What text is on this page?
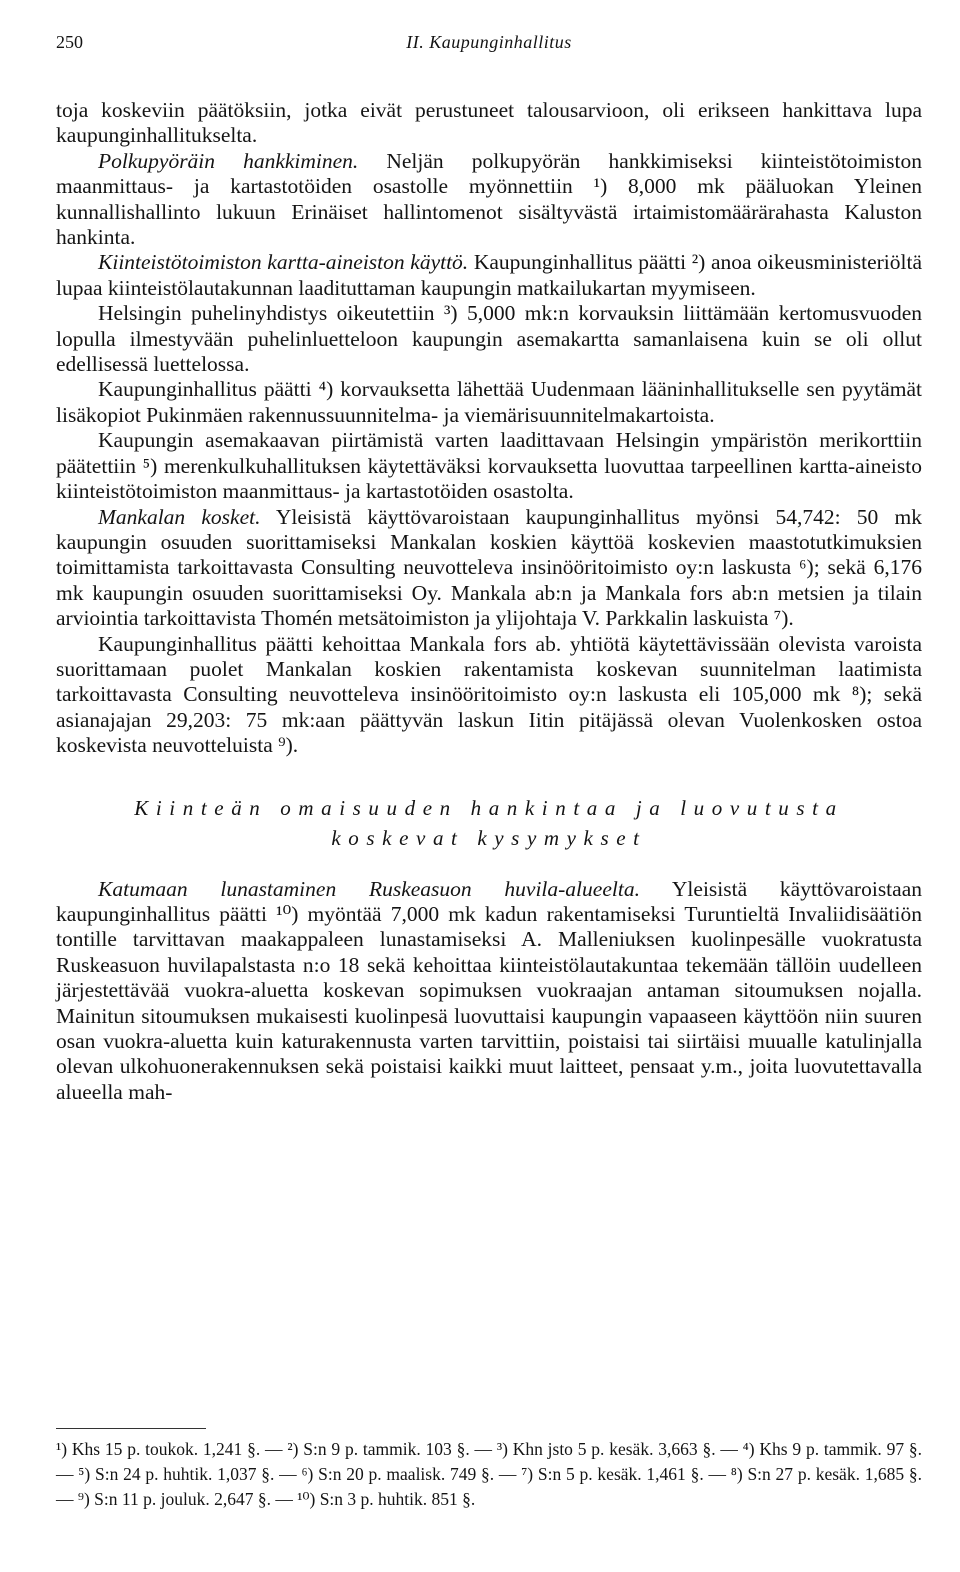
250	II. Kaupunginhallitus

toja koskeviin päätöksiin, jotka eivät perustuneet talousarvioon, oli erikseen hankittava lupa kaupunginhallitukselta.

Polkupyöräin hankkiminen. Neljän polkupyörän hankkimiseksi kiinteistötoimiston maanmittaus- ja kartastotöiden osastolle myönnettiin ¹) 8,000 mk pääluokan Yleinen kunnallishallinto lukuun Erinäiset hallintomenot sisältyvästä irtaimistomäärärahasta Kaluston hankinta.

Kiinteistötoimiston kartta-aineiston käyttö. Kaupunginhallitus päätti ²) anoa oikeusministeriöltä lupaa kiinteistölautakunnan laadituttaman kaupungin matkailukartan myymiseen.

Helsingin puhelinyhdistys oikeutettiin ³) 5,000 mk:n korvauksin liittämään kertomusvuoden lopulla ilmestyvään puhelinluetteloon kaupungin asemakartta samanlaisena kuin se oli ollut edellisessä luettelossa.

Kaupunginhallitus päätti ⁴) korvauksetta lähettää Uudenmaan lääninhallitukselle sen pyytämät lisäkopiot Pukinmäen rakennussuunnitelma- ja viemärisuunnitelmakartoista.

Kaupungin asemakaavan piirtämistä varten laadittavaan Helsingin ympäristön merikorttiin päätettiin ⁵) merenkulkuhallituksen käytettäväksi korvauksetta luovuttaa tarpeellinen kartta-aineisto kiinteistötoimiston maanmittaus- ja kartastotöiden osastolta.

Mankalan kosket. Yleisistä käyttövaroistaan kaupunginhallitus myönsi 54,742: 50 mk kaupungin osuuden suorittamiseksi Mankalan koskien käyttöä koskevien maastotutkimuksien toimittamista tarkoittavasta Consulting neuvotteleva insinööritoimisto oy:n laskusta ⁶); sekä 6,176 mk kaupungin osuuden suorittamiseksi Oy. Mankala ab:n ja Mankala fors ab:n metsien ja tilain arviointia tarkoittavista Thomén metsätoimiston ja ylijohtaja V. Parkkalin laskuista ⁷).

Kaupunginhallitus päätti kehoittaa Mankala fors ab. yhtiötä käytettävissään olevista varoista suorittamaan puolet Mankalan koskien rakentamista koskevan suunnitelman laatimista tarkoittavasta Consulting neuvotteleva insinööritoimisto oy:n laskusta eli 105,000 mk ⁸); sekä asianajajan 29,203: 75 mk:aan päättyvän laskun Iitin pitäjässä olevan Vuolenkosken ostoa koskevista neuvotteluista ⁹).

Kiinteän omaisuuden hankintaa ja luovutusta
koskevat kysymykset

Katumaan lunastaminen Ruskeasuon huvila-alueelta. Yleisistä käyttövaroistaan kaupunginhallitus päätti ¹⁰) myöntää 7,000 mk kadun rakentamiseksi Turuntieltä Invaliidisäätiön tontille tarvittavan maakappaleen lunastamiseksi A. Malleniuksen kuolinpesälle vuokratusta Ruskeasuon huvilapalstasta n:o 18 sekä kehoittaa kiinteistölautakuntaa tekemään tällöin uudelleen järjestettävää vuokra-aluetta koskevan sopimuksen vuokraajan antaman sitoumuksen nojalla. Mainitun sitoumuksen mukaisesti kuolinpesä luovuttaisi kaupungin vapaaseen käyttöön niin suuren osan vuokra-aluetta kuin katurakennusta varten tarvittiin, poistaisi tai siirtäisi muualle katulinjalla olevan ulkohuonerakennuksen sekä poistaisi kaikki muut laitteet, pensaat y.m., joita luovutettavalla alueella mah-

¹) Khs 15 p. toukok. 1,241 §. — ²) S:n 9 p. tammik. 103 §. — ³) Khn jsto 5 p. kesäk. 3,663 §. — ⁴) Khs 9 p. tammik. 97 §. — ⁵) S:n 24 p. huhtik. 1,037 §. — ⁶) S:n 20 p. maalisk. 749 §. — ⁷) S:n 5 p. kesäk. 1,461 §. — ⁸) S:n 27 p. kesäk. 1,685 §. — ⁹) S:n 11 p. jouluk. 2,647 §. — ¹⁰) S:n 3 p. huhtik. 851 §.
